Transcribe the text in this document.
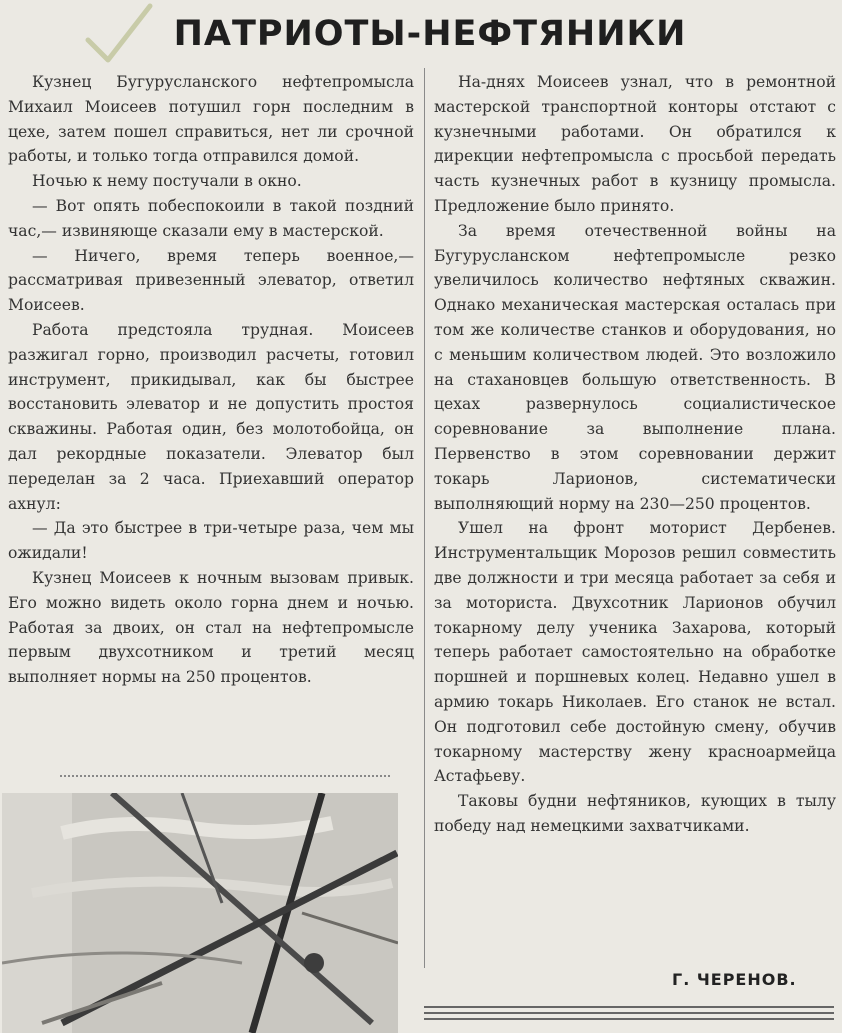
ПАТРИОТЫ-НЕФТЯНИКИ

Кузнец Бугурусланского нефтепромысла Михаил Моисеев потушил горн последним в цехе, затем пошел справиться, нет ли срочной работы, и только тогда отправился домой.

Ночью к нему постучали в окно.

— Вот опять побеспокоили в такой поздний час,— извиняюще сказали ему в мастерской.

— Ничего, время теперь военное,— рассматривая привезенный элеватор, ответил Моисеев.

Работа предстояла трудная. Моисеев разжигал горно, производил расчеты, готовил инструмент, прикидывал, как бы быстрее восстановить элеватор и не допустить простоя скважины. Работая один, без молотобойца, он дал рекордные показатели. Элеватор был переделан за 2 часа. Приехавший оператор ахнул:

— Да это быстрее в три-четыре раза, чем мы ожидали!

Кузнец Моисеев к ночным вызовам привык. Его можно видеть около горна днем и ночью. Работая за двоих, он стал на нефтепромысле первым двухсотником и третий месяц выполняет нормы на 250 процентов.

На-днях Моисеев узнал, что в ремонтной мастерской транспортной конторы отстают с кузнечными работами. Он обратился к дирекции нефтепромысла с просьбой передать часть кузнечных работ в кузницу промысла. Предложение было принято.

За время отечественной войны на Бугурусланском нефтепромысле резко увеличилось количество нефтяных скважин. Однако механическая мастерская осталась при том же количестве станков и оборудования, но с меньшим количеством людей. Это возложило на стахановцев большую ответственность. В цехах развернулось социалистическое соревнование за выполнение плана. Первенство в этом соревновании держит токарь Ларионов, систематически выполняющий норму на 230—250 процентов.

Ушел на фронт моторист Дербенев. Инструментальщик Морозов решил совместить две должности и три месяца работает за себя и за моториста. Двухсотник Ларионов обучил токарному делу ученика Захарова, который теперь работает самостоятельно на обработке поршней и поршневых колец. Недавно ушел в армию токарь Николаев. Его станок не встал. Он подготовил себе достойную смену, обучив токарному мастерству жену красноармейца Астафьеву.

Таковы будни нефтяников, кующих в тылу победу над немецкими захватчиками.

Г. ЧЕРЕНОВ.
